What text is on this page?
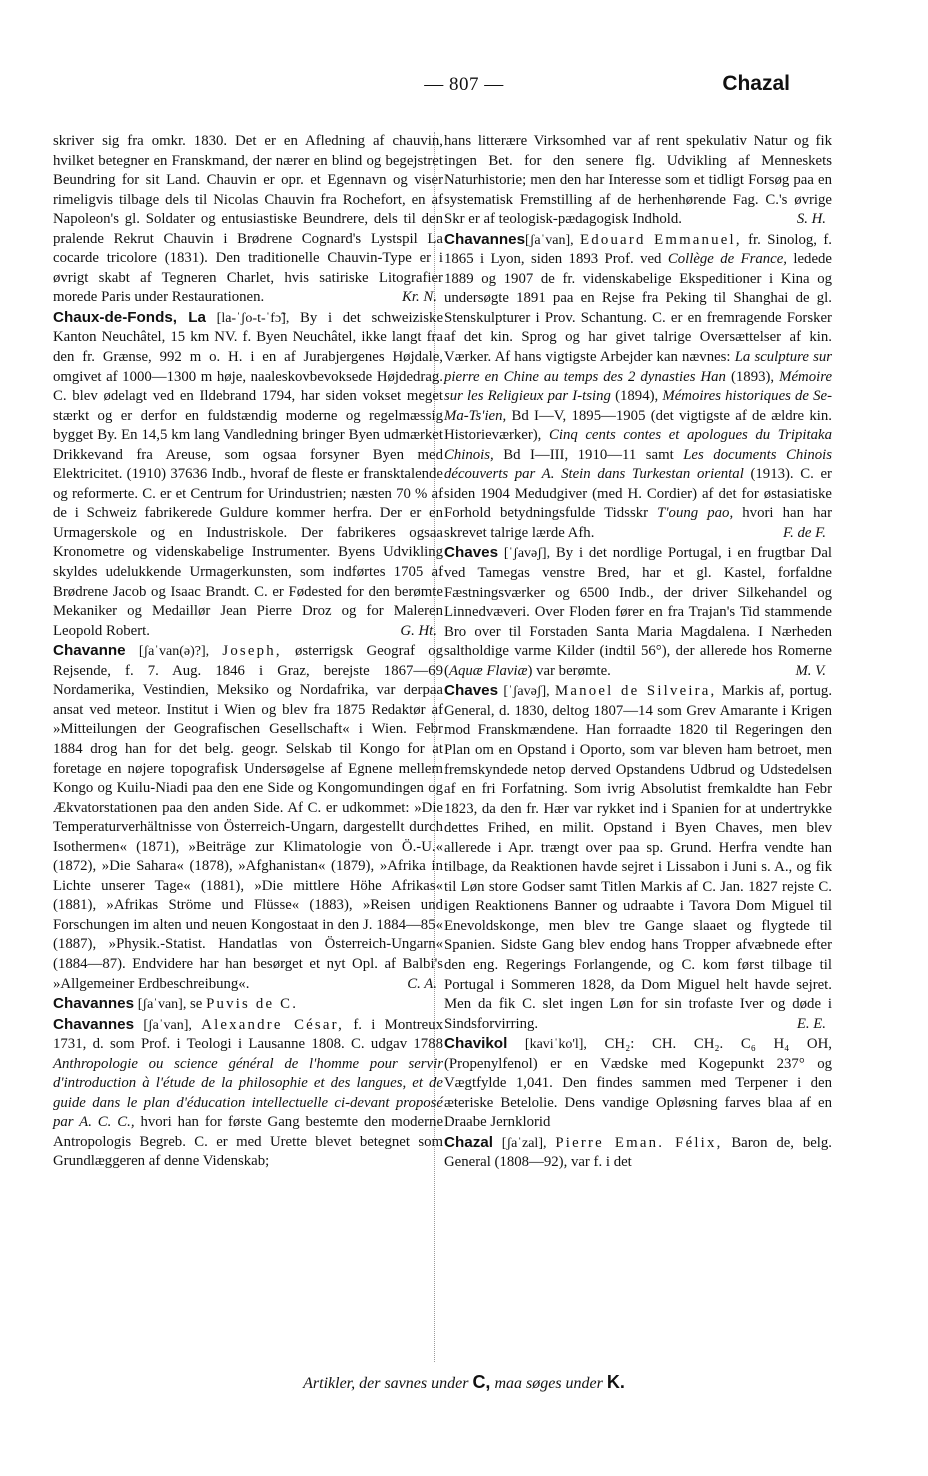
— 807 —	Chazal

skriver sig fra omkr. 1830. Det er en Afledning af chauvin, hvilket betegner en Franskmand, der nærer en blind og begejstret Beundring for sit Land. Chauvin er opr. et Egennavn og viser rimeligvis tilbage dels til Nicolas Chauvin fra Rochefort, en af Napoleon's gl. Soldater og entusiastiske Beundrere, dels til den pralende Rekrut Chauvin i Brødrene Cognard's Lystspil La cocarde tricolore (1831). Den traditionelle Chauvin-Type er i øvrigt skabt af Tegneren Charlet, hvis satiriske Litografier morede Paris under Restaurationen.	Kr. N.

Chaux-de-Fonds, La [la-ˈʃo-t-ˈfɔ̃], By i det schweiziske Kanton Neuchâtel, 15 km NV. f. Byen Neuchâtel, ikke langt fra den fr. Grænse, 992 m o. H. i en af Jurabjergenes Højdale, omgivet af 1000—1300 m høje, naaleskovbevoksede Højdedrag. C. blev ødelagt ved en Ildebrand 1794, har siden vokset meget stærkt og er derfor en fuldstændig moderne og regelmæssig bygget By. En 14,5 km lang Vandledning bringer Byen udmærket Drikkevand fra Areuse, som ogsaa forsyner Byen med Elektricitet. (1910) 37636 Indb., hvoraf de fleste er fransktalende og reformerte. C. er et Centrum for Urindustrien; næsten 70 % af de i Schweiz fabrikerede Guldure kommer herfra. Der er en Urmagerskole og en Industriskole. Der fabrikeres ogsaa Kronometre og videnskabelige Instrumenter. Byens Udvikling skyldes udelukkende Urmagerkunsten, som indførtes 1705 af Brødrene Jacob og Isaac Brandt. C. er Fødested for den berømte Mekaniker og Medaillør Jean Pierre Droz og for Maleren Leopold Robert.	G. Ht.

Chavanne [ʃaˈvan(ə)?], Joseph, østerrigsk Geograf og Rejsende, f. 7. Aug. 1846 i Graz, berejste 1867—69 Nordamerika, Vestindien, Meksiko og Nordafrika, var derpaa ansat ved meteor. Institut i Wien og blev fra 1875 Redaktør af »Mitteilungen der Geografischen Gesellschaft« i Wien. Febr 1884 drog han for det belg. geogr. Selskab til Kongo for at foretage en nøjere topografisk Undersøgelse af Egnene mellem Kongo og Kuilu-Niadi paa den ene Side og Kongomundingen og Ækvatorstationen paa den anden Side. Af C. er udkommet: »Die Temperaturverhältnisse von Österreich-Ungarn, dargestellt durch Isothermen« (1871), »Beiträge zur Klimatologie von Ö.-U.« (1872), »Die Sahara« (1878), »Afghanistan« (1879), »Afrika in Lichte unserer Tage« (1881), »Die mittlere Höhe Afrikas« (1881), »Afrikas Ströme und Flüsse« (1883), »Reisen und Forschungen im alten und neuen Kongostaat in den J. 1884—85« (1887), »Physik.-Statist. Handatlas von Österreich-Ungarn« (1884—87). Endvidere har han besørget et nyt Opl. af Balbi's »Allgemeiner Erdbeschreibung«.	C. A.

Chavannes [ʃaˈvan], se Puvis de C.

Chavannes [ʃaˈvan], Alexandre César, f. i Montreux 1731, d. som Prof. i Teologi i Lausanne 1808. C. udgav 1788 Anthropologie ou science général de l'homme pour servir d'introduction à l'étude de la philosophie et des langues, et de guide dans le plan d'éducation intellectuelle ci-devant proposé par A. C. C., hvori han for første Gang bestemte den moderne Antropologis Begreb. C. er med Urette blevet betegnet som Grundlæggeren af denne Videnskab;

hans litterære Virksomhed var af rent spekulativ Natur og fik ingen Bet. for den senere flg. Udvikling af Menneskets Naturhistorie; men den har Interesse som et tidligt Forsøg paa en systematisk Fremstilling af de herhenhørende Fag. C.'s øvrige Skr er af teologisk-pædagogisk Indhold.	S. H.

Chavannes[ʃaˈvan], Edouard Emmanuel, fr. Sinolog, f. 1865 i Lyon, siden 1893 Prof. ved Collège de France, ledede 1889 og 1907 de fr. videnskabelige Ekspeditioner i Kina og undersøgte 1891 paa en Rejse fra Peking til Shanghai de gl. Stenskulpturer i Prov. Schantung. C. er en fremragende Forsker af det kin. Sprog og har givet talrige Oversættelser af kin. Værker. Af hans vigtigste Arbejder kan nævnes: La sculpture sur pierre en Chine au temps des 2 dynasties Han (1893), Mémoire sur les Religieux par I-tsing (1894), Mémoires historiques de Se-Ma-Ts'ien, Bd I—V, 1895—1905 (det vigtigste af de ældre kin. Historieværker), Cinq cents contes et apologues du Tripitaka Chinois, Bd I—III, 1910—11 samt Les documents Chinois découverts par A. Stein dans Turkestan oriental (1913). C. er siden 1904 Medudgiver (med H. Cordier) af det for østasiatiske Forhold betydningsfulde Tidsskr T'oung pao, hvori han har skrevet talrige lærde Afh.	F. de F.

Chaves [ˈʃavəʃ], By i det nordlige Portugal, i en frugtbar Dal ved Tamegas venstre Bred, har et gl. Kastel, forfaldne Fæstningsværker og 6500 Indb., der driver Silkehandel og Linnedvæveri. Over Floden fører en fra Trajan's Tid stammende Bro over til Forstaden Santa Maria Magdalena. I Nærheden saltholdige varme Kilder (indtil 56°), der allerede hos Romerne (Aquæ Flaviæ) var berømte.	M. V.

Chaves [ˈʃavəʃ], Manoel de Silveira, Markis af, portug. General, d. 1830, deltog 1807—14 som Grev Amarante i Krigen mod Franskmændene. Han forraadte 1820 til Regeringen den Plan om en Opstand i Oporto, som var bleven ham betroet, men fremskyndede netop derved Opstandens Udbrud og Udstedelsen af en fri Forfatning. Som ivrig Absolutist fremkaldte han Febr 1823, da den fr. Hær var rykket ind i Spanien for at undertrykke dettes Frihed, en milit. Opstand i Byen Chaves, men blev allerede i Apr. trængt over paa sp. Grund. Herfra vendte han tilbage, da Reaktionen havde sejret i Lissabon i Juni s. A., og fik til Løn store Godser samt Titlen Markis af C. Jan. 1827 rejste C. igen Reaktionens Banner og udraabte i Tavora Dom Miguel til Enevoldskonge, men blev tre Gange slaaet og flygtede til Spanien. Sidste Gang blev endog hans Tropper afvæbnede efter den eng. Regerings Forlangende, og C. kom først tilbage til Portugal i Sommeren 1828, da Dom Miguel helt havde sejret. Men da fik C. slet ingen Løn for sin trofaste Iver og døde i Sindsforvirring.	E. E.

Chavikol [kaviˈko'l], CH₂: CH. CH₂. C₆ H₄ OH, (Propenylfenol) er en Vædske med Kogepunkt 237° og Vægtfylde 1,041. Den findes sammen med Terpener i den æteriske Betelolie. Dens vandige Opløsning farves blaa af en Draabe Jernklorid

Chazal [ʃaˈzal], Pierre Eman. Félix, Baron de, belg. General (1808—92), var f. i det

Artikler, der savnes under C, maa søges under K.
